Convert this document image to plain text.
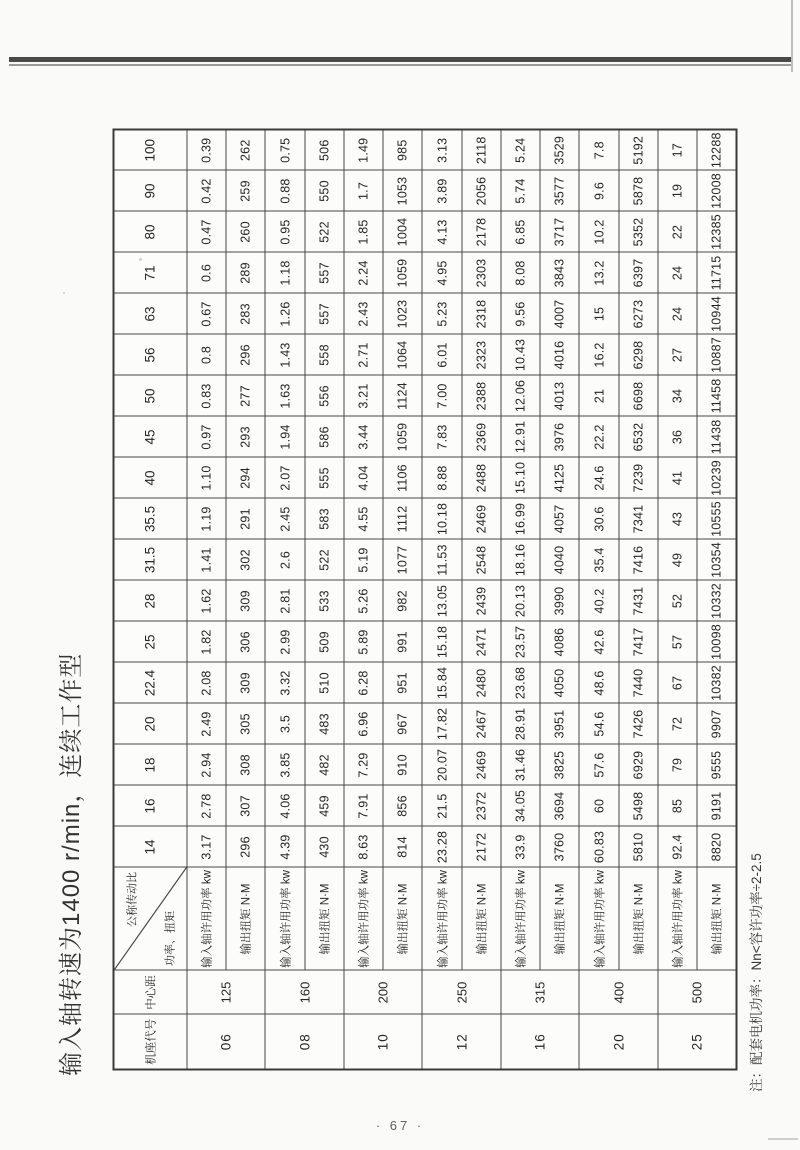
输入轴转速为1400 r/min，连续工作型	机座代号	中心距	公称传动比
功率、扭矩	14	16	18	20	22.4	25	28	31.5	35.5	40	45	50	56	63	71	80	90	100
06	125	输入轴许用功率 kw	3.17	2.78	2.94	2.49	2.08	1.82	1.62	1.41	1.19	1.10	0.97	0.83	0.8	0.67	0.6	0.47	0.42	0.39
		输出扭矩 N·M	296	307	308	305	309	306	309	302	291	294	293	277	296	283	289	260	259	262
08	160	输入轴许用功率 kw	4.39	4.06	3.85	3.5	3.32	2.99	2.81	2.6	2.45	2.07	1.94	1.63	1.43	1.26	1.18	0.95	0.88	0.75
		输出扭矩 N·M	430	459	482	483	510	509	533	522	583	555	586	556	558	557	557	522	550	506
10	200	输入轴许用功率 kw	8.63	7.91	7.29	6.96	6.28	5.89	5.26	5.19	4.55	4.04	3.44	3.21	2.71	2.43	2.24	1.85	1.7	1.49
		输出扭矩 N·M	814	856	910	967	951	991	982	1077	1112	1106	1059	1124	1064	1023	1059	1004	1053	985
12	250	输入轴许用功率 kw	23.28	21.5	20.07	17.82	15.84	15.18	13.05	11.53	10.18	8.88	7.83	7.00	6.01	5.23	4.95	4.13	3.89	3.13
		输出扭矩 N·M	2172	2372	2469	2467	2480	2471	2439	2548	2469	2488	2369	2388	2323	2318	2303	2178	2056	2118
16	315	输入轴许用功率 kw	33.9	34.05	31.46	28.91	23.68	23.57	20.13	18.16	16.99	15.10	12.91	12.06	10.43	9.56	8.08	6.85	5.74	5.24
		输出扭矩 N·M	3760	3694	3825	3951	4050	4086	3990	4040	4057	4125	3976	4013	4016	4007	3843	3717	3577	3529
20	400	输入轴许用功率 kw	60.83	60	57.6	54.6	48.6	42.6	40.2	35.4	30.6	24.6	22.2	21	16.2	15	13.2	10.2	9.6	7.8
		输出扭矩 N·M	5810	5498	6929	7426	7440	7417	7431	7416	7341	7239	6532	6698	6298	6273	6397	5352	5878	5192
25	500	输入轴许用功率 kw	92.4	85	79	72	67	57	52	49	43	41	36	34	27	24	24	22	19	17
		输出扭矩 N·M	8820	9191	9555	9907	10382	10098	10332	10354	10555	10239	11438	11458	10887	10944	11715	12385	12008	12288
注：配套电机功率：Nn<容许功率÷2-2.5
· 67 ·
